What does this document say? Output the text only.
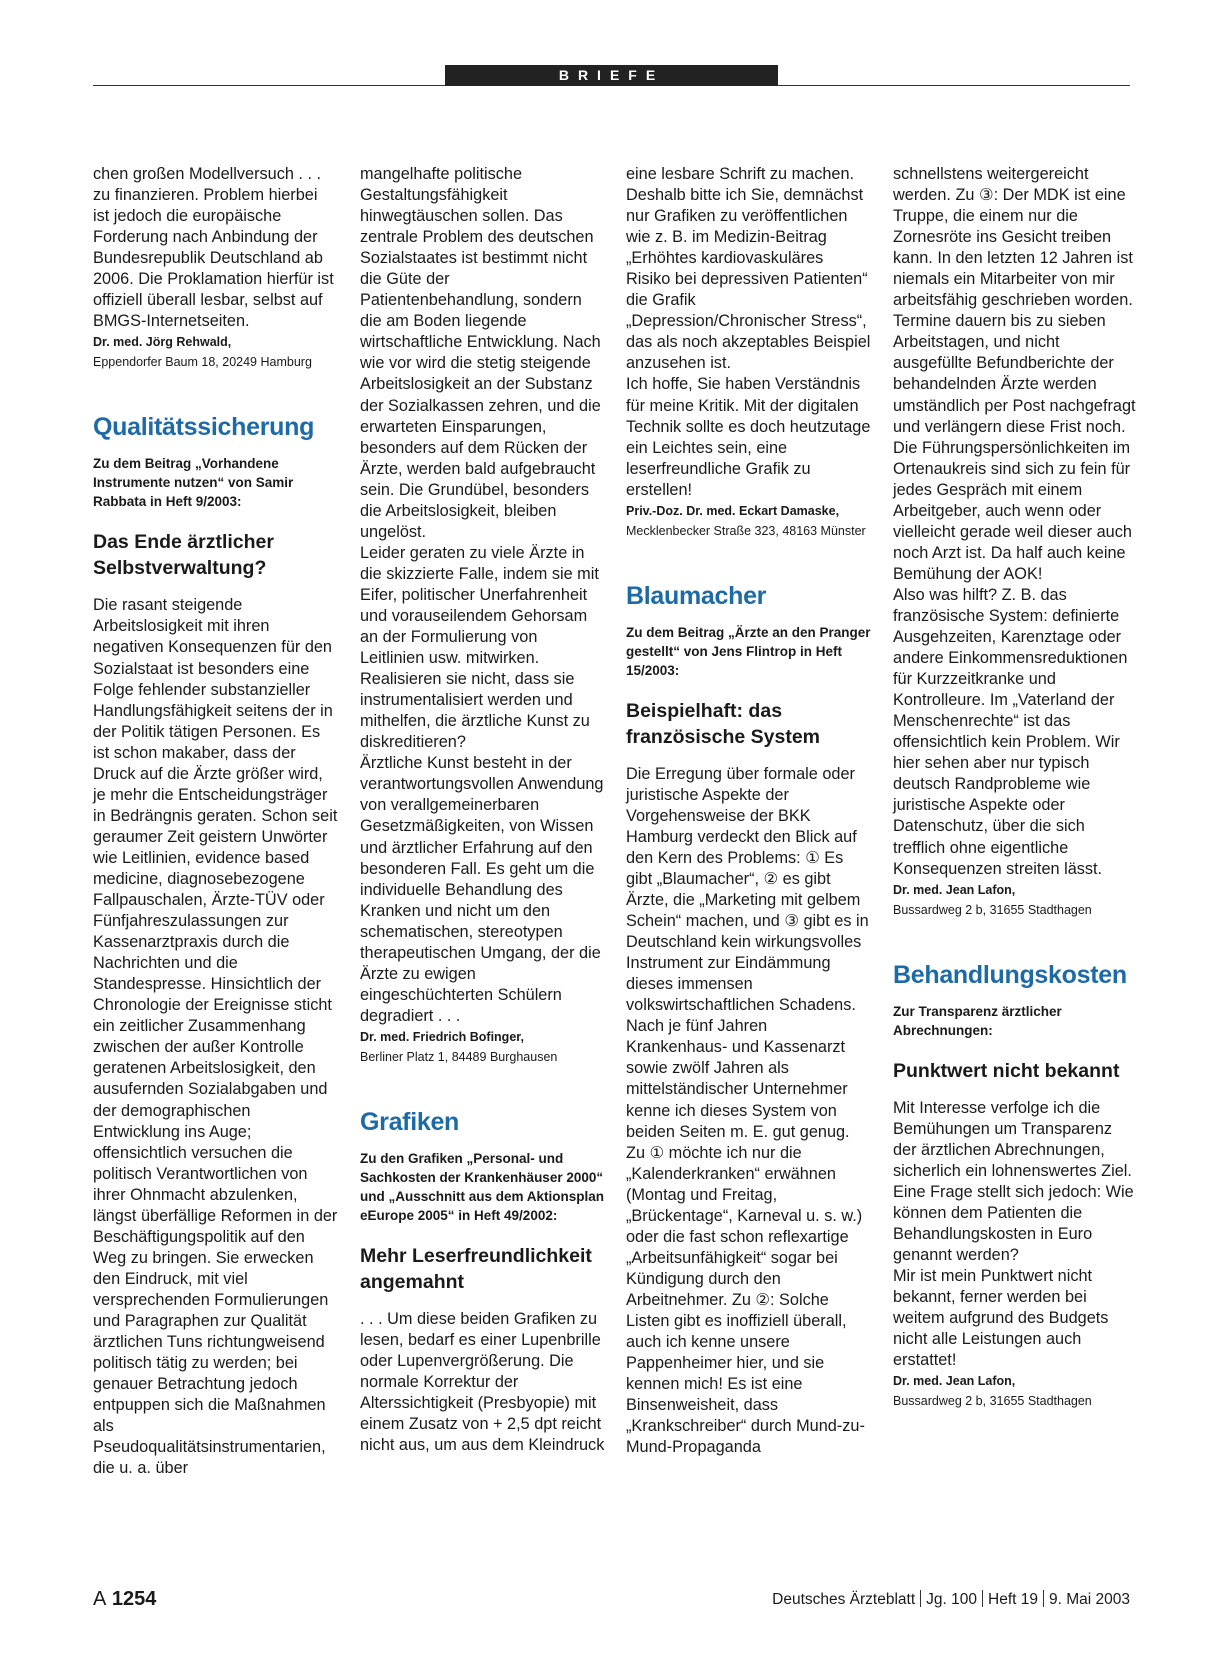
BRIEFE

chen großen Modellversuch . . . zu finanzieren. Problem hierbei ist jedoch die europäische Forderung nach Anbindung der Bundesrepublik Deutschland ab 2006. Die Proklamation hierfür ist offiziell überall lesbar, selbst auf BMGS-Internetseiten.

Dr. med. Jörg Rehwald,

Eppendorfer Baum 18, 20249 Hamburg

Qualitätssicherung

Zu dem Beitrag „Vorhandene Instrumente nutzen“ von Samir Rabbata in Heft 9/2003:

Das Ende ärztlicher Selbstverwaltung?

Die rasant steigende Arbeitslosigkeit mit ihren negativen Konsequenzen für den Sozialstaat ist besonders eine Folge fehlender substanzieller Handlungsfähigkeit seitens der in der Politik tätigen Personen. Es ist schon makaber, dass der Druck auf die Ärzte größer wird, je mehr die Entscheidungsträger in Bedrängnis geraten. Schon seit geraumer Zeit geistern Unwörter wie Leitlinien, evidence based medicine, diagnosebezogene Fallpauschalen, Ärzte-TÜV oder Fünfjahreszulassungen zur Kassenarztpraxis durch die Nachrichten und die Standespresse. Hinsichtlich der Chronologie der Ereignisse sticht ein zeitlicher Zusammenhang zwischen der außer Kontrolle geratenen Arbeitslosigkeit, den ausufernden Sozialabgaben und der demographischen Entwicklung ins Auge; offensichtlich versuchen die politisch Verantwortlichen von ihrer Ohnmacht abzulenken, längst überfällige Reformen in der Beschäftigungspolitik auf den Weg zu bringen. Sie erwecken den Eindruck, mit viel versprechenden Formulierungen und Paragraphen zur Qualität ärztlichen Tuns richtungweisend politisch tätig zu werden; bei genauer Betrachtung jedoch entpuppen sich die Maßnahmen als Pseudoqualitätsinstrumentarien, die u. a. über

mangelhafte politische Gestaltungsfähigkeit hinwegtäuschen sollen. Das zentrale Problem des deutschen Sozialstaates ist bestimmt nicht die Güte der Patientenbehandlung, sondern die am Boden liegende wirtschaftliche Entwicklung. Nach wie vor wird die stetig steigende Arbeitslosigkeit an der Substanz der Sozialkassen zehren, und die erwarteten Einsparungen, besonders auf dem Rücken der Ärzte, werden bald aufgebraucht sein. Die Grundübel, besonders die Arbeitslosigkeit, bleiben ungelöst.

Leider geraten zu viele Ärzte in die skizzierte Falle, indem sie mit Eifer, politischer Unerfahrenheit und vorauseilendem Gehorsam an der Formulierung von Leitlinien usw. mitwirken. Realisieren sie nicht, dass sie instrumentalisiert werden und mithelfen, die ärztliche Kunst zu diskreditieren?

Ärztliche Kunst besteht in der verantwortungsvollen Anwendung von verallgemeinerbaren Gesetzmäßigkeiten, von Wissen und ärztlicher Erfahrung auf den besonderen Fall. Es geht um die individuelle Behandlung des Kranken und nicht um den schematischen, stereotypen therapeutischen Umgang, der die Ärzte zu ewigen eingeschüchterten Schülern degradiert . . .

Dr. med. Friedrich Bofinger,

Berliner Platz 1, 84489 Burghausen

Grafiken

Zu den Grafiken „Personal- und Sachkosten der Krankenhäuser 2000“ und „Ausschnitt aus dem Aktionsplan eEurope 2005“ in Heft 49/2002:

Mehr Leserfreundlichkeit angemahnt

. . . Um diese beiden Grafiken zu lesen, bedarf es einer Lupenbrille oder Lupenvergrößerung. Die normale Korrektur der Alterssichtigkeit (Presbyopie) mit einem Zusatz von + 2,5 dpt reicht nicht aus, um aus dem Kleindruck

eine lesbare Schrift zu machen. Deshalb bitte ich Sie, demnächst nur Grafiken zu veröffentlichen wie z. B. im Medizin-Beitrag „Erhöhtes kardiovaskuläres Risiko bei depressiven Patienten“ die Grafik „Depression/Chronischer Stress“, das als noch akzeptables Beispiel anzusehen ist.

Ich hoffe, Sie haben Verständnis für meine Kritik. Mit der digitalen Technik sollte es doch heutzutage ein Leichtes sein, eine leserfreundliche Grafik zu erstellen!

Priv.-Doz. Dr. med. Eckart Damaske,

Mecklenbecker Straße 323, 48163 Münster

Blaumacher

Zu dem Beitrag „Ärzte an den Pranger gestellt“ von Jens Flintrop in Heft 15/2003:

Beispielhaft: das französische System

Die Erregung über formale oder juristische Aspekte der Vorgehensweise der BKK Hamburg verdeckt den Blick auf den Kern des Problems: ① Es gibt „Blaumacher“, ② es gibt Ärzte, die „Marketing mit gelbem Schein“ machen, und ③ gibt es in Deutschland kein wirkungsvolles Instrument zur Eindämmung dieses immensen volkswirtschaftlichen Schadens.

Nach je fünf Jahren Krankenhaus- und Kassenarzt sowie zwölf Jahren als mittelständischer Unternehmer kenne ich dieses System von beiden Seiten m. E. gut genug. Zu ① möchte ich nur die „Kalenderkranken“ erwähnen (Montag und Freitag, „Brückentage“, Karneval u. s. w.) oder die fast schon reflexartige „Arbeitsunfähigkeit“ sogar bei Kündigung durch den Arbeitnehmer. Zu ②: Solche Listen gibt es inoffiziell überall, auch ich kenne unsere Pappenheimer hier, und sie kennen mich! Es ist eine Binsenweisheit, dass „Krankschreiber“ durch Mund-zu-Mund-Propaganda

schnellstens weitergereicht werden. Zu ③: Der MDK ist eine Truppe, die einem nur die Zornesröte ins Gesicht treiben kann. In den letzten 12 Jahren ist niemals ein Mitarbeiter von mir arbeitsfähig geschrieben worden. Termine dauern bis zu sieben Arbeitstagen, und nicht ausgefüllte Befundberichte der behandelnden Ärzte werden umständlich per Post nachgefragt und verlängern diese Frist noch. Die Führungspersönlichkeiten im Ortenaukreis sind sich zu fein für jedes Gespräch mit einem Arbeitgeber, auch wenn oder vielleicht gerade weil dieser auch noch Arzt ist. Da half auch keine Bemühung der AOK!

Also was hilft? Z. B. das französische System: definierte Ausgehzeiten, Karenztage oder andere Einkommensreduktionen für Kurzzeitkranke und Kontrolleure. Im „Vaterland der Menschenrechte“ ist das offensichtlich kein Problem. Wir hier sehen aber nur typisch deutsch Randprobleme wie juristische Aspekte oder Datenschutz, über die sich trefflich ohne eigentliche Konsequenzen streiten lässt.

Dr. med. Jean Lafon,

Bussardweg 2 b, 31655 Stadthagen

Behandlungskosten

Zur Transparenz ärztlicher Abrechnungen:

Punktwert nicht bekannt

Mit Interesse verfolge ich die Bemühungen um Transparenz der ärztlichen Abrechnungen, sicherlich ein lohnenswertes Ziel.

Eine Frage stellt sich jedoch: Wie können dem Patienten die Behandlungskosten in Euro genannt werden?

Mir ist mein Punktwert nicht bekannt, ferner werden bei weitem aufgrund des Budgets nicht alle Leistungen auch erstattet!

Dr. med. Jean Lafon,

Bussardweg 2 b, 31655 Stadthagen

A 1254	Deutsches Ärzteblatt Jg. 100 Heft 19 9. Mai 2003
